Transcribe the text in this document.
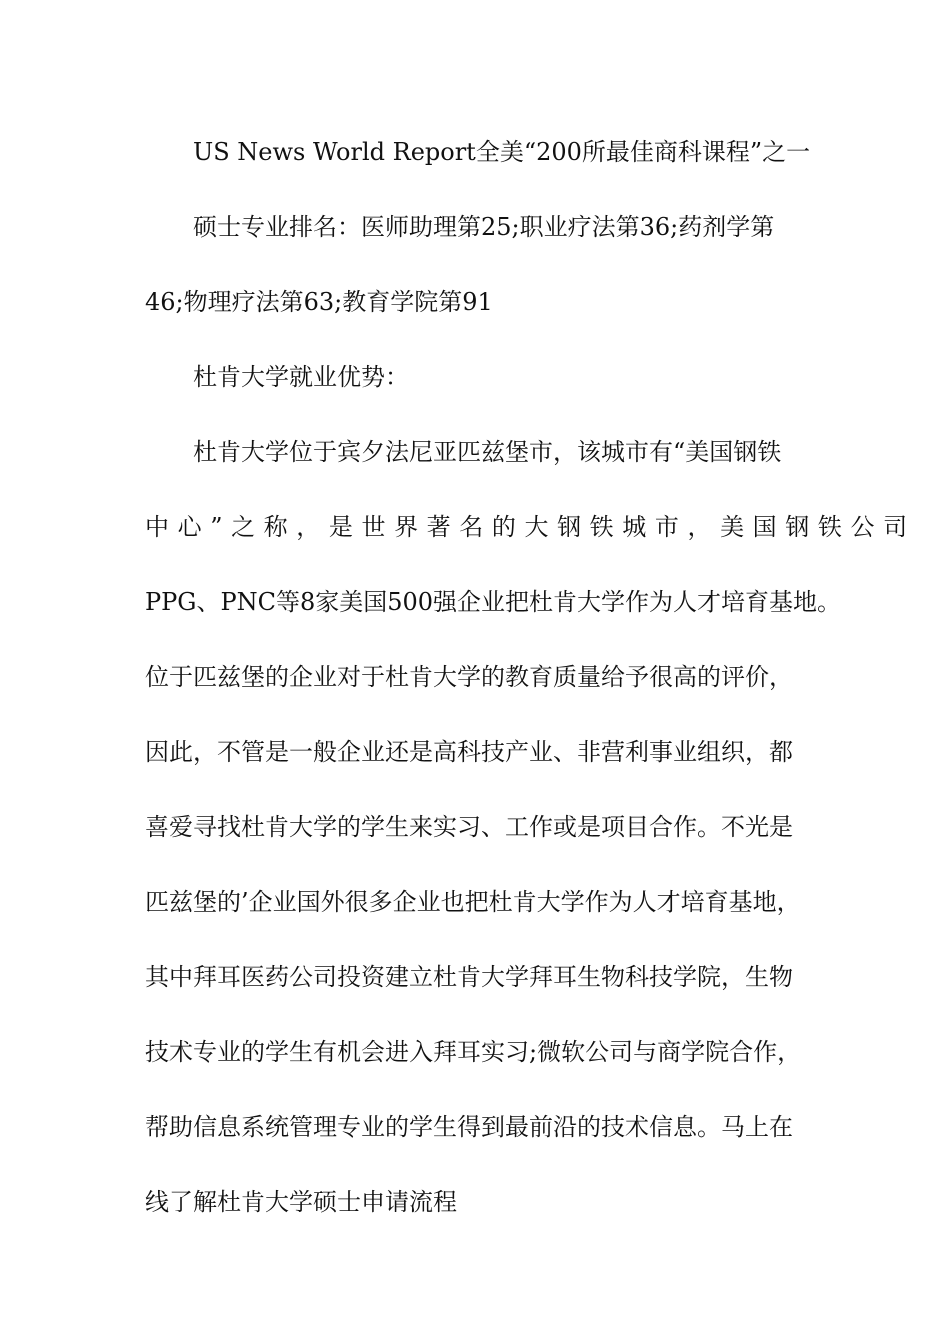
US News World Report全美“200所最佳商科课程”之一
硕士专业排名：医师助理第25;职业疗法第36;药剂学第
46;物理疗法第63;教育学院第91
杜肯大学就业优势：
杜肯大学位于宾夕法尼亚匹兹堡市，该城市有“美国钢铁
中心”之称，是世界著名的大钢铁城市，美国钢铁公司
PPG、PNC等8家美国500强企业把杜肯大学作为人才培育基地。
位于匹兹堡的企业对于杜肯大学的教育质量给予很高的评价，
因此，不管是一般企业还是高科技产业、非营利事业组织，都
喜爱寻找杜肯大学的学生来实习、工作或是项目合作。不光是
匹兹堡的’企业国外很多企业也把杜肯大学作为人才培育基地，
其中拜耳医药公司投资建立杜肯大学拜耳生物科技学院，生物
技术专业的学生有机会进入拜耳实习;微软公司与商学院合作，
帮助信息系统管理专业的学生得到最前沿的技术信息。马上在
线了解杜肯大学硕士申请流程
